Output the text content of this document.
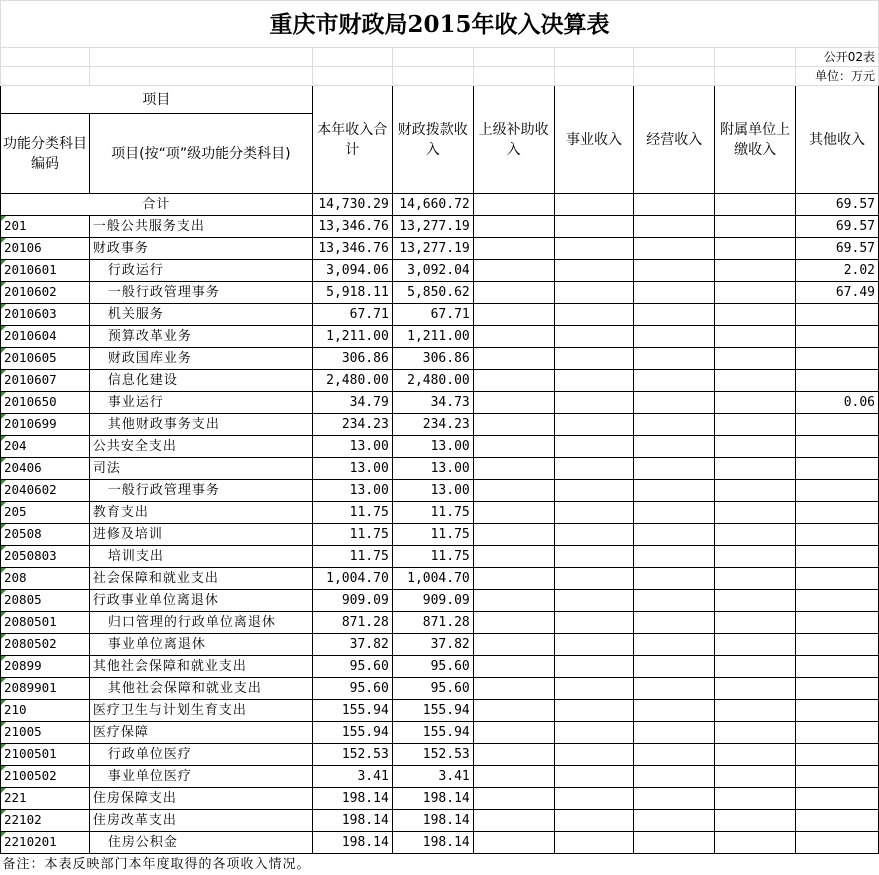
重庆市财政局2015年收入决算表								
								公开02表
								单位：万元
项目		本年收入合计	财政拨款收入	上级补助收入	事业收入	经营收入	附属单位上缴收入	其他收入
功能分类科目编码	项目(按“项”级功能分类科目)							
合计		14,730.29	14,660.72					69.57
201	一般公共服务支出	13,346.76	13,277.19					69.57
20106	财政事务	13,346.76	13,277.19					69.57
2010601	行政运行	3,094.06	3,092.04					2.02
2010602	一般行政管理事务	5,918.11	5,850.62					67.49
2010603	机关服务	67.71	67.71					
2010604	预算改革业务	1,211.00	1,211.00					
2010605	财政国库业务	306.86	306.86					
2010607	信息化建设	2,480.00	2,480.00					
2010650	事业运行	34.79	34.73					0.06
2010699	其他财政事务支出	234.23	234.23					
204	公共安全支出	13.00	13.00					
20406	司法	13.00	13.00					
2040602	一般行政管理事务	13.00	13.00					
205	教育支出	11.75	11.75					
20508	进修及培训	11.75	11.75					
2050803	培训支出	11.75	11.75					
208	社会保障和就业支出	1,004.70	1,004.70					
20805	行政事业单位离退休	909.09	909.09					
2080501	归口管理的行政单位离退休	871.28	871.28					
2080502	事业单位离退休	37.82	37.82					
20899	其他社会保障和就业支出	95.60	95.60					
2089901	其他社会保障和就业支出	95.60	95.60					
210	医疗卫生与计划生育支出	155.94	155.94					
21005	医疗保障	155.94	155.94					
2100501	行政单位医疗	152.53	152.53					
2100502	事业单位医疗	3.41	3.41					
221	住房保障支出	198.14	198.14					
22102	住房改革支出	198.14	198.14					
2210201	住房公积金	198.14	198.14					
备注：本表反映部门本年度取得的各项收入情况。								
